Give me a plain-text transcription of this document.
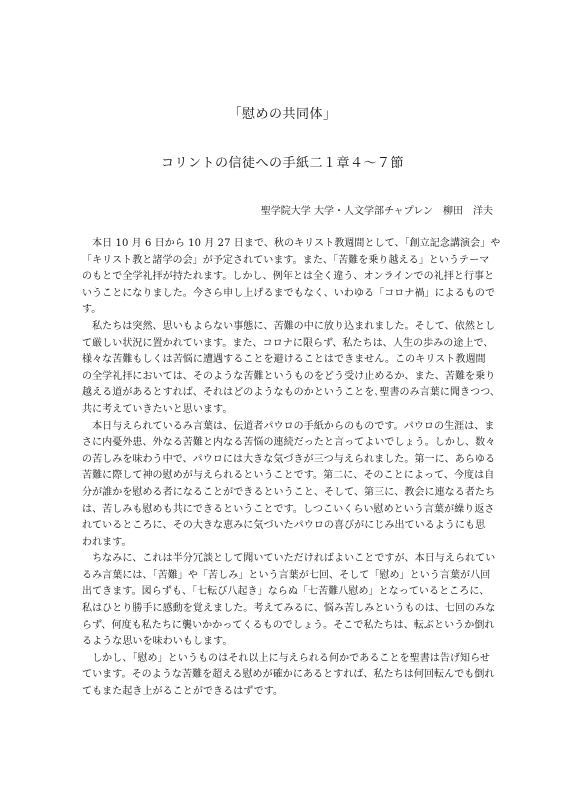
「慰めの共同体」
コリントの信徒への手紙二１章４～７節
聖学院大学 大学・人文学部チャプレン　柳田　洋夫
　本日 10 月 6 日から 10 月 27 日まで、秋のキリスト教週間として、「創立記念講演会」や
「キリスト教と諸学の会」が予定されています。また、「苦難を乗り越える」というテーマ
のもとで全学礼拝が持たれます。しかし、例年とは全く違う、オンラインでの礼拝と行事と
いうことになりました。今さら申し上げるまでもなく、いわゆる「コロナ禍」によるもので
す。
　私たちは突然、思いもよらない事態に、苦難の中に放り込まれました。そして、依然とし
て厳しい状況に置かれています。また、コロナに限らず、私たちは、人生の歩みの途上で、
様々な苦難もしくは苦悩に遭遇することを避けることはできません。このキリスト教週間
の全学礼拝においては、そのような苦難というものをどう受け止めるか、また、苦難を乗り
越える道があるとすれば、それはどのようなものかということを､聖書のみ言葉に聞きつつ、
共に考えていきたいと思います。
　本日与えられているみ言葉は、伝道者パウロの手紙からのものです。パウロの生涯は、ま
さに内憂外患、外なる苦難と内なる苦悩の連続だったと言ってよいでしょう。しかし、数々
の苦しみを味わう中で、パウロには大きな気づきが三つ与えられました。第一に、あらゆる
苦難に際して神の慰めが与えられるということです。第二に、そのことによって、今度は自
分が誰かを慰める者になることができるということ、そして、第三に、教会に連なる者たち
は、苦しみも慰めも共にできるということです。しつこいくらい慰めという言葉が繰り返さ
れているところに、その大きな恵みに気づいたパウロの喜びがにじみ出ているようにも思
われます。
　ちなみに、これは半分冗談として聞いていただければよいことですが、本日与えられてい
るみ言葉には、「苦難」や「苦しみ」という言葉が七回、そして「慰め」という言葉が八回
出てきます。図らずも、「七転び八起き」ならぬ「七苦難八慰め」となっているところに、
私はひとり勝手に感動を覚えました。考えてみるに、悩み苦しみというものは、七回のみな
らず、何度も私たちに襲いかかってくるものでしょう。そこで私たちは、転ぶというか倒れ
るような思いを味わいもします。
　しかし、「慰め」というものはそれ以上に与えられる何かであることを聖書は告げ知らせ
ています。そのような苦難を超える慰めが確かにあるとすれば、私たちは何回転んでも倒れ
てもまた起き上がることができるはずです。
